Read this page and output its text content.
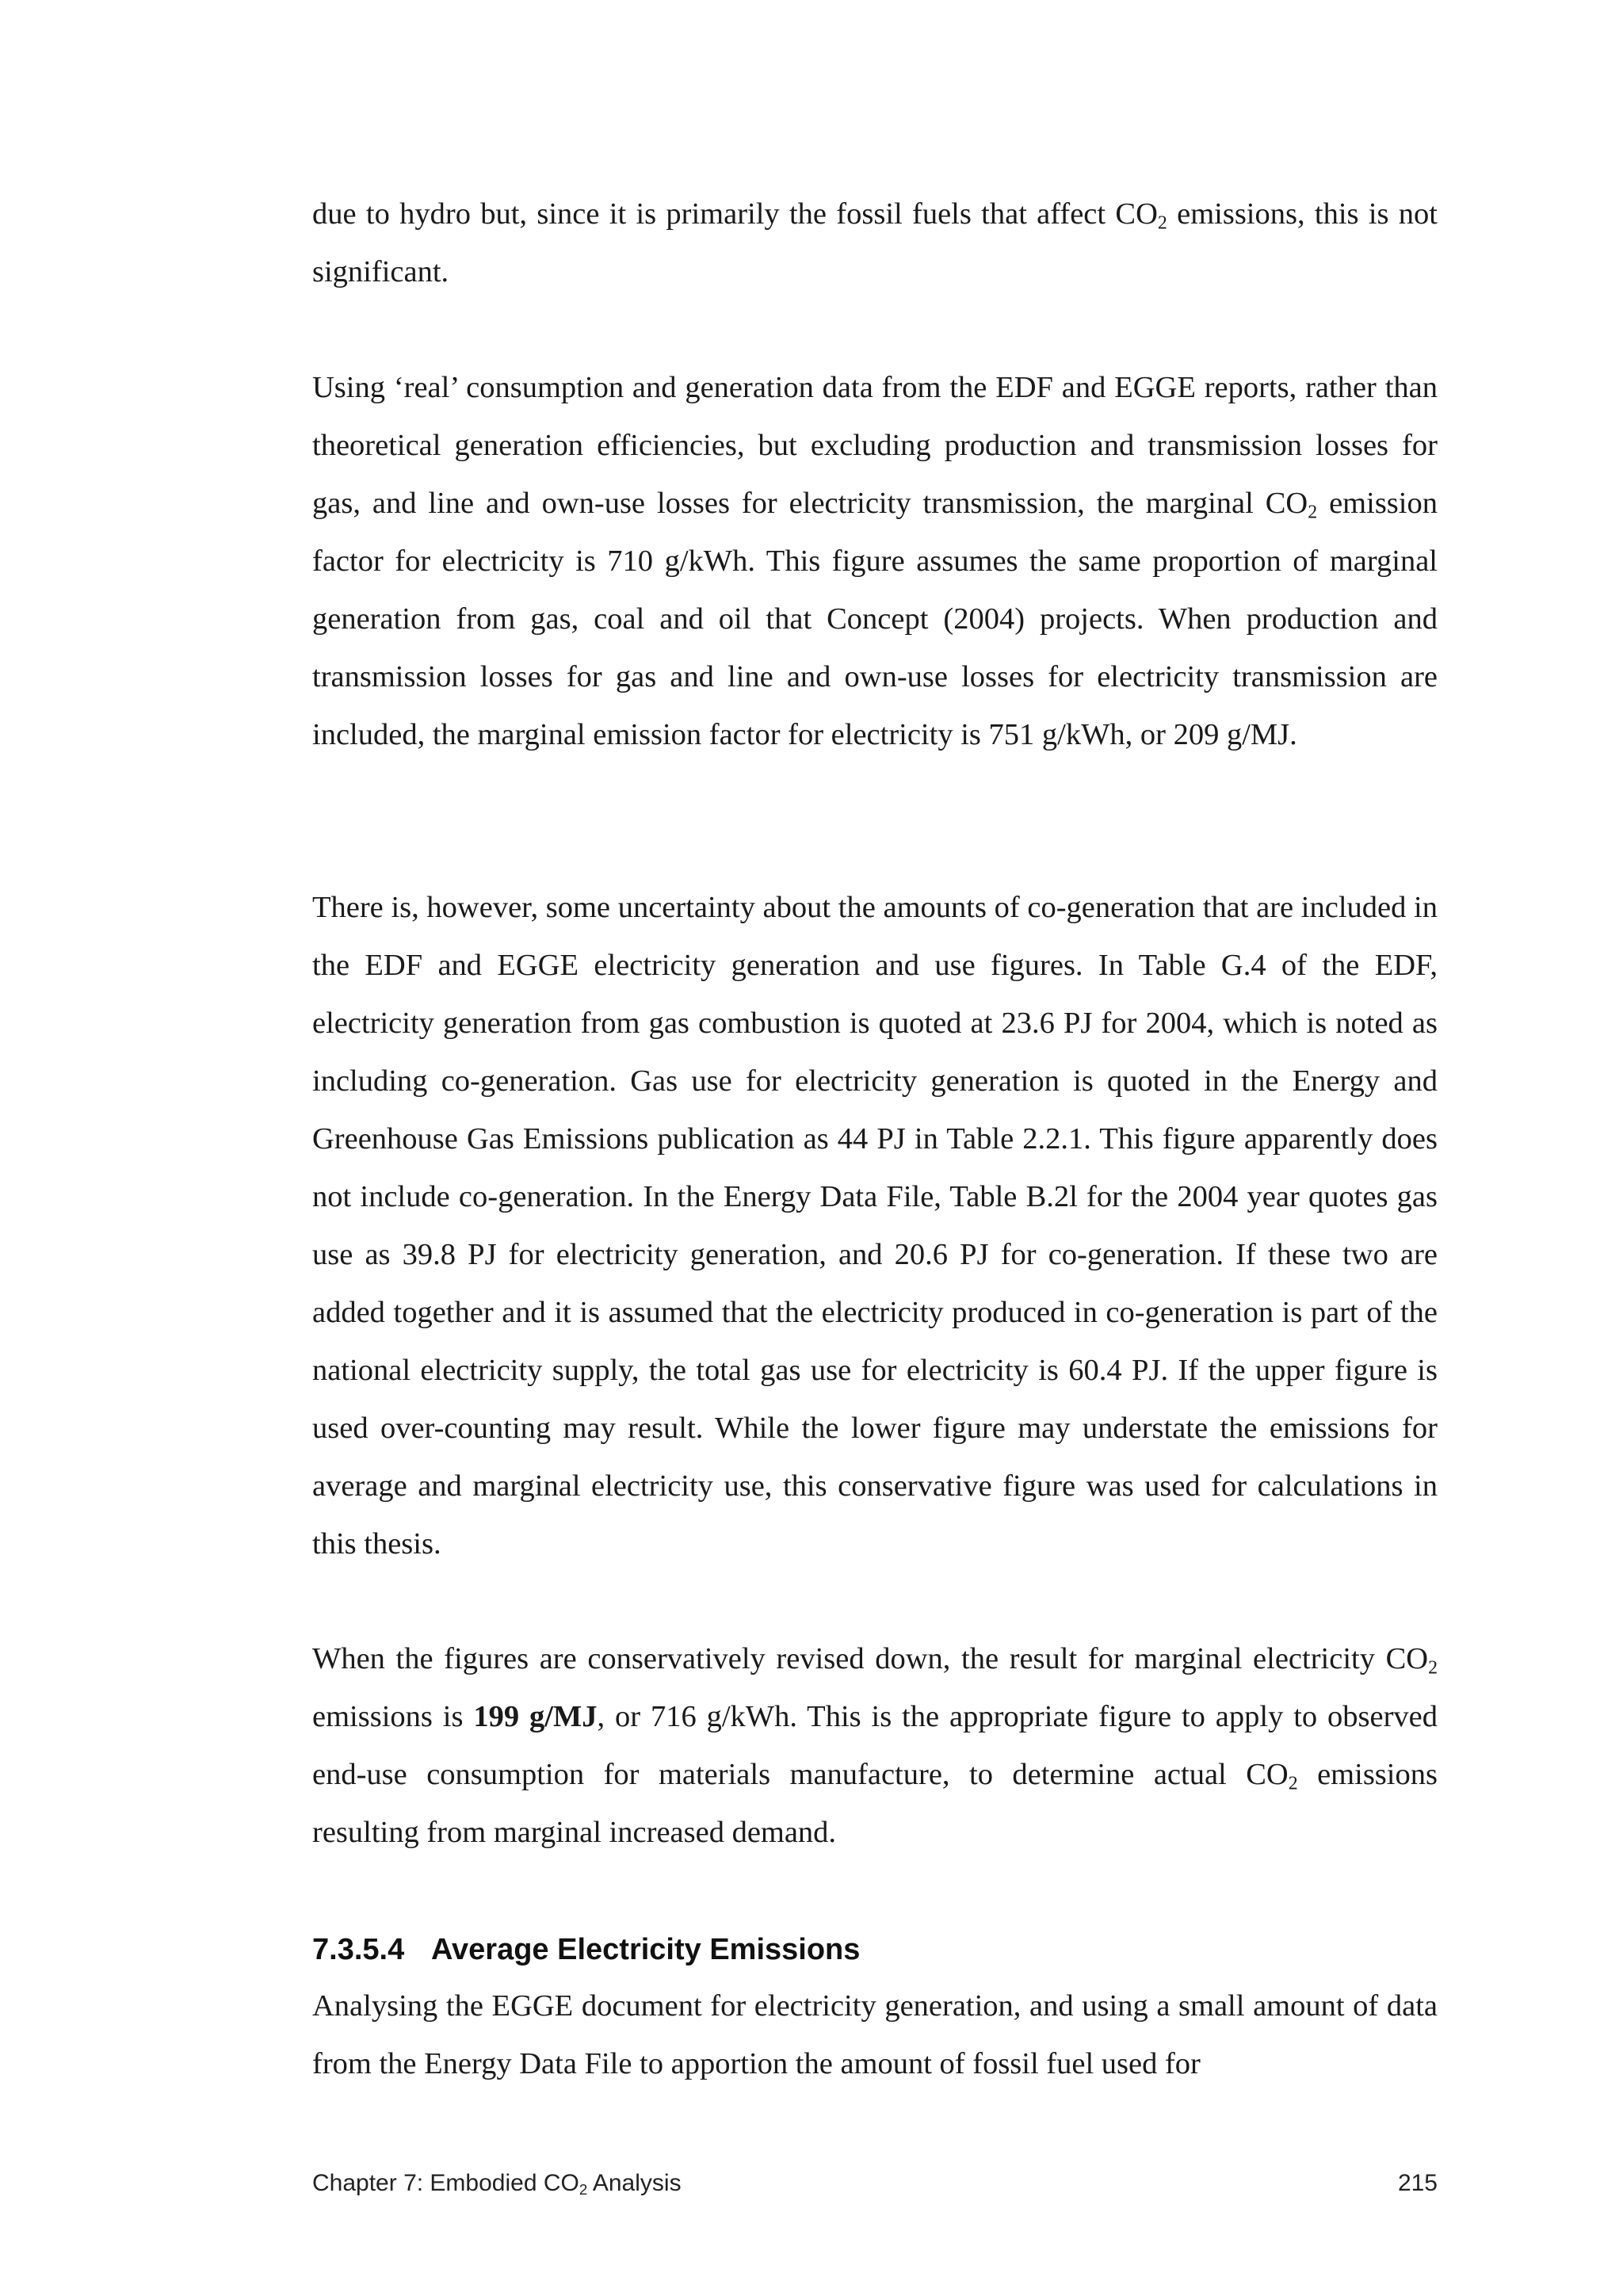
due to hydro but, since it is primarily the fossil fuels that affect $CO_2$ emissions, this is not significant.

Using ‘real’ consumption and generation data from the EDF and EGGE reports, rather than theoretical generation efficiencies, but excluding production and transmission losses for gas, and line and own-use losses for electricity transmission, the marginal $CO_2$ emission factor for electricity is 710 g/kWh. This figure assumes the same proportion of marginal generation from gas, coal and oil that Concept (2004) projects. When production and transmission losses for gas and line and own-use losses for electricity transmission are included, the marginal emission factor for electricity is 751 g/kWh, or 209 g/MJ.

There is, however, some uncertainty about the amounts of co-generation that are included in the EDF and EGGE electricity generation and use figures. In Table G.4 of the EDF, electricity generation from gas combustion is quoted at 23.6 PJ for 2004, which is noted as including co-generation. Gas use for electricity generation is quoted in the Energy and Greenhouse Gas Emissions publication as 44 PJ in Table 2.2.1. This figure apparently does not include co-generation. In the Energy Data File, Table B.2l for the 2004 year quotes gas use as 39.8 PJ for electricity generation, and 20.6 PJ for co-generation. If these two are added together and it is assumed that the electricity produced in co-generation is part of the national electricity supply, the total gas use for electricity is 60.4 PJ. If the upper figure is used over-counting may result. While the lower figure may understate the emissions for average and marginal electricity use, this conservative figure was used for calculations in this thesis.

When the figures are conservatively revised down, the result for marginal electricity $CO_2$ emissions is 199 g/MJ, or 716 g/kWh. This is the appropriate figure to apply to observed end-use consumption for materials manufacture, to determine actual $CO_2$ emissions resulting from marginal increased demand.

7.3.5.4 Average Electricity Emissions

Analysing the EGGE document for electricity generation, and using a small amount of data from the Energy Data File to apportion the amount of fossil fuel used for

Chapter 7: Embodied $CO_2$ Analysis	215
